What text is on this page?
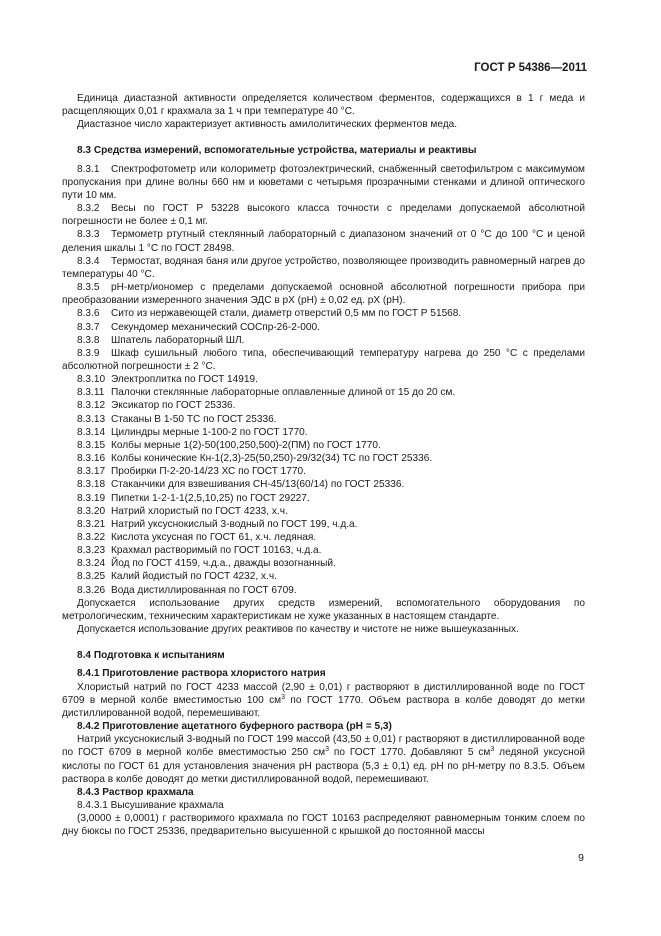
ГОСТ Р 54386—2011

Единица диастазной активности определяется количеством ферментов, содержащихся в 1 г меда и расщепляющих 0,01 г крахмала за 1 ч при температуре 40 °C.

Диастазное число характеризует активность амилолитических ферментов меда.

8.3 Средства измерений, вспомогательные устройства, материалы и реактивы

8.3.1 Спектрофотометр или колориметр фотоэлектрический, снабженный светофильтром с максимумом пропускания при длине волны 660 нм и кюветами с четырьмя прозрачными стенками и длиной оптического пути 10 мм.

8.3.2 Весы по ГОСТ Р 53228 высокого класса точности с пределами допускаемой абсолютной погрешности не более ± 0,1 мг.

8.3.3 Термометр ртутный стеклянный лабораторный с диапазоном значений от 0 °C до 100 °C и ценой деления шкалы 1 °C по ГОСТ 28498.

8.3.4 Термостат, водяная баня или другое устройство, позволяющее производить равномерный нагрев до температуры 40 °C.

8.3.5 pH-метр/иономер с пределами допускаемой основной абсолютной погрешности прибора при преобразовании измеренного значения ЭДС в pX (pH) ± 0,02 ед. pX (pH).

8.3.6 Сито из нержавеющей стали, диаметр отверстий 0,5 мм по ГОСТ Р 51568.

8.3.7 Секундомер механический СОСпр-26-2-000.

8.3.8 Шпатель лабораторный ШЛ.

8.3.9 Шкаф сушильный любого типа, обеспечивающий температуру нагрева до 250 °C с пределами абсолютной погрешности ± 2 °C.

8.3.10 Электроплитка по ГОСТ 14919.

8.3.11 Палочки стеклянные лабораторные оплавленные длиной от 15 до 20 см.

8.3.12 Эксикатор по ГОСТ 25336.

8.3.13 Стаканы В 1-50 ТС по ГОСТ 25336.

8.3.14 Цилиндры мерные 1-100-2 по ГОСТ 1770.

8.3.15 Колбы мерные 1(2)-50(100,250,500)-2(ПМ) по ГОСТ 1770.

8.3.16 Колбы конические Кн-1(2,3)-25(50,250)-29/32(34) ТС по ГОСТ 25336.

8.3.17 Пробирки П-2-20-14/23 ХС по ГОСТ 1770.

8.3.18 Стаканчики для взвешивания СН-45/13(60/14) по ГОСТ 25336.

8.3.19 Пипетки 1-2-1-1(2,5,10,25) по ГОСТ 29227.

8.3.20 Натрий хлористый по ГОСТ 4233, х.ч.

8.3.21 Натрий уксуснокислый 3-водный по ГОСТ 199, ч.д.а.

8.3.22 Кислота уксусная по ГОСТ 61, х.ч. ледяная.

8.3.23 Крахмал растворимый по ГОСТ 10163, ч.д.а.

8.3.24 Йод по ГОСТ 4159, ч.д.а., дважды возогнанный.

8.3.25 Калий йодистый по ГОСТ 4232, х.ч.

8.3.26 Вода дистиллированная по ГОСТ 6709.

Допускается использование других средств измерений, вспомогательного оборудования по метрологическим, техническим характеристикам не хуже указанных в настоящем стандарте.

Допускается использование других реактивов по качеству и чистоте не ниже вышеуказанных.

8.4 Подготовка к испытаниям

8.4.1 Приготовление раствора хлористого натрия

Хлористый натрий по ГОСТ 4233 массой (2,90 ± 0,01) г растворяют в дистиллированной воде по ГОСТ 6709 в мерной колбе вместимостью 100 $см^3$ по ГОСТ 1770. Объем раствора в колбе доводят до метки дистиллированной водой, перемешивают.

8.4.2 Приготовление ацетатного буферного раствора (pH = 5,3)

Натрий уксуснокислый 3-водный по ГОСТ 199 массой (43,50 ± 0,01) г растворяют в дистиллированной воде по ГОСТ 6709 в мерной колбе вместимостью 250 $см^3$ по ГОСТ 1770. Добавляют 5 $см^3$ ледяной уксусной кислоты по ГОСТ 61 для установления значения pH раствора (5,3 ± 0,1) ед. pH по pH-метру по 8.3.5. Объем раствора в колбе доводят до метки дистиллированной водой, перемешивают.

8.4.3 Раствор крахмала

8.4.3.1 Высушивание крахмала

(3,0000 ± 0,0001) г растворимого крахмала по ГОСТ 10163 распределяют равномерным тонким слоем по дну бюксы по ГОСТ 25336, предварительно высушенной с крышкой до постоянной массы

9
